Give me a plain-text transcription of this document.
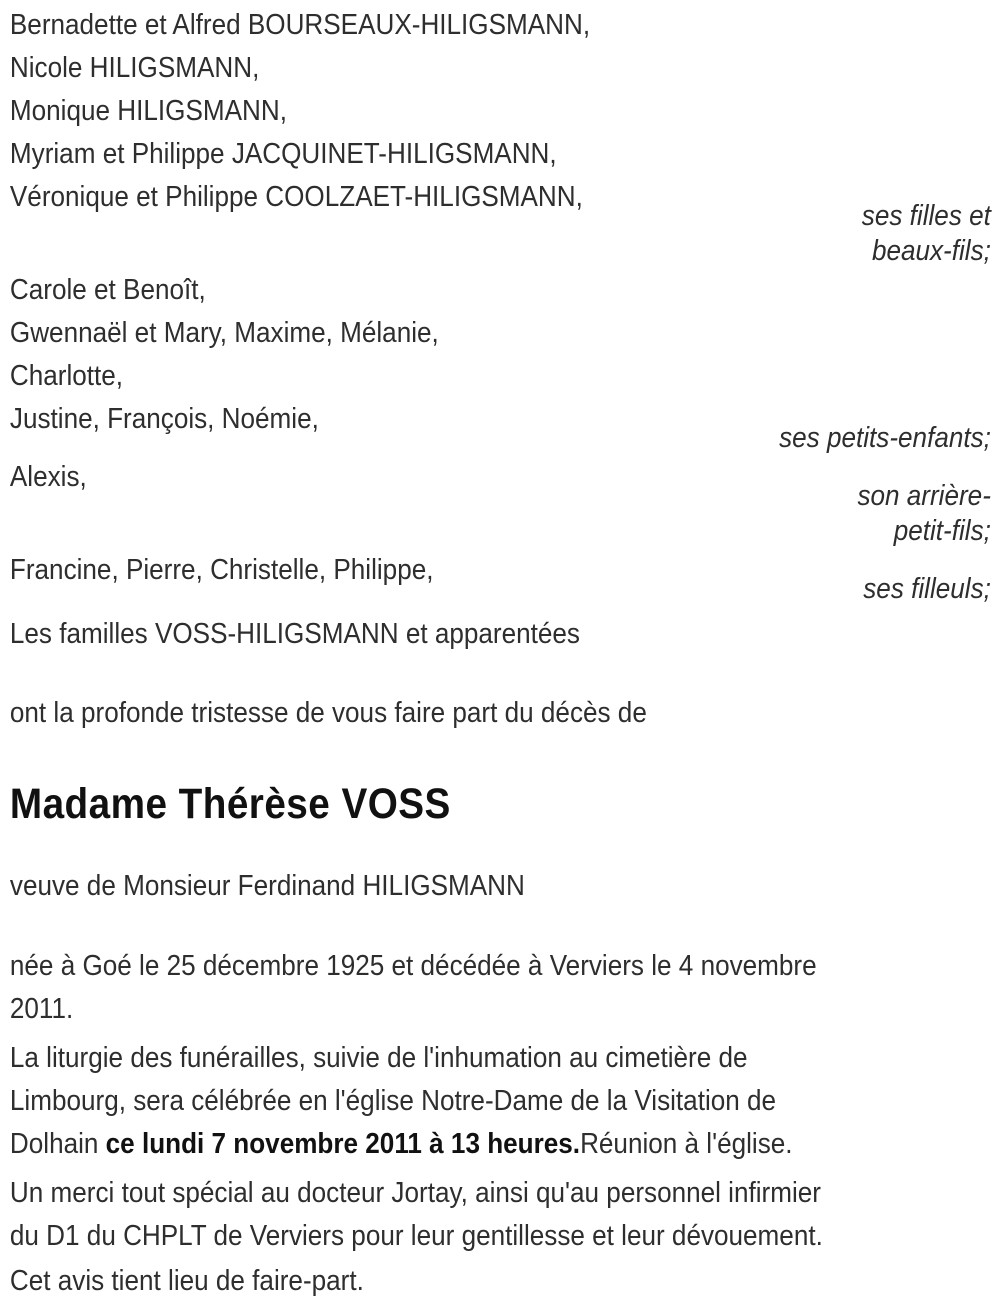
Bernadette et Alfred BOURSEAUX-HILIGSMANN,
Nicole HILIGSMANN,
Monique HILIGSMANN,
Myriam et Philippe JACQUINET-HILIGSMANN,
Véronique et Philippe COOLZAET-HILIGSMANN,
ses filles et
beaux-fils;
Carole et Benoît,
Gwennaël et Mary, Maxime, Mélanie,
Charlotte,
Justine, François, Noémie,
ses petits-enfants;
Alexis,
son arrière-
petit-fils;
Francine, Pierre, Christelle, Philippe,
ses filleuls;
Les familles VOSS-HILIGSMANN et apparentées
ont la profonde tristesse de vous faire part du décès de
Madame Thérèse VOSS
veuve de Monsieur Ferdinand HILIGSMANN
née à Goé le 25 décembre 1925 et décédée à Verviers le 4 novembre
2011.
La liturgie des funérailles, suivie de l'inhumation au cimetière de
Limbourg, sera célébrée en l'église Notre-Dame de la Visitation de
Dolhain ce lundi 7 novembre 2011 à 13 heures.Réunion à l'église.
Un merci tout spécial au docteur Jortay, ainsi qu'au personnel infirmier
du D1 du CHPLT de Verviers pour leur gentillesse et leur dévouement.
Cet avis tient lieu de faire-part.
